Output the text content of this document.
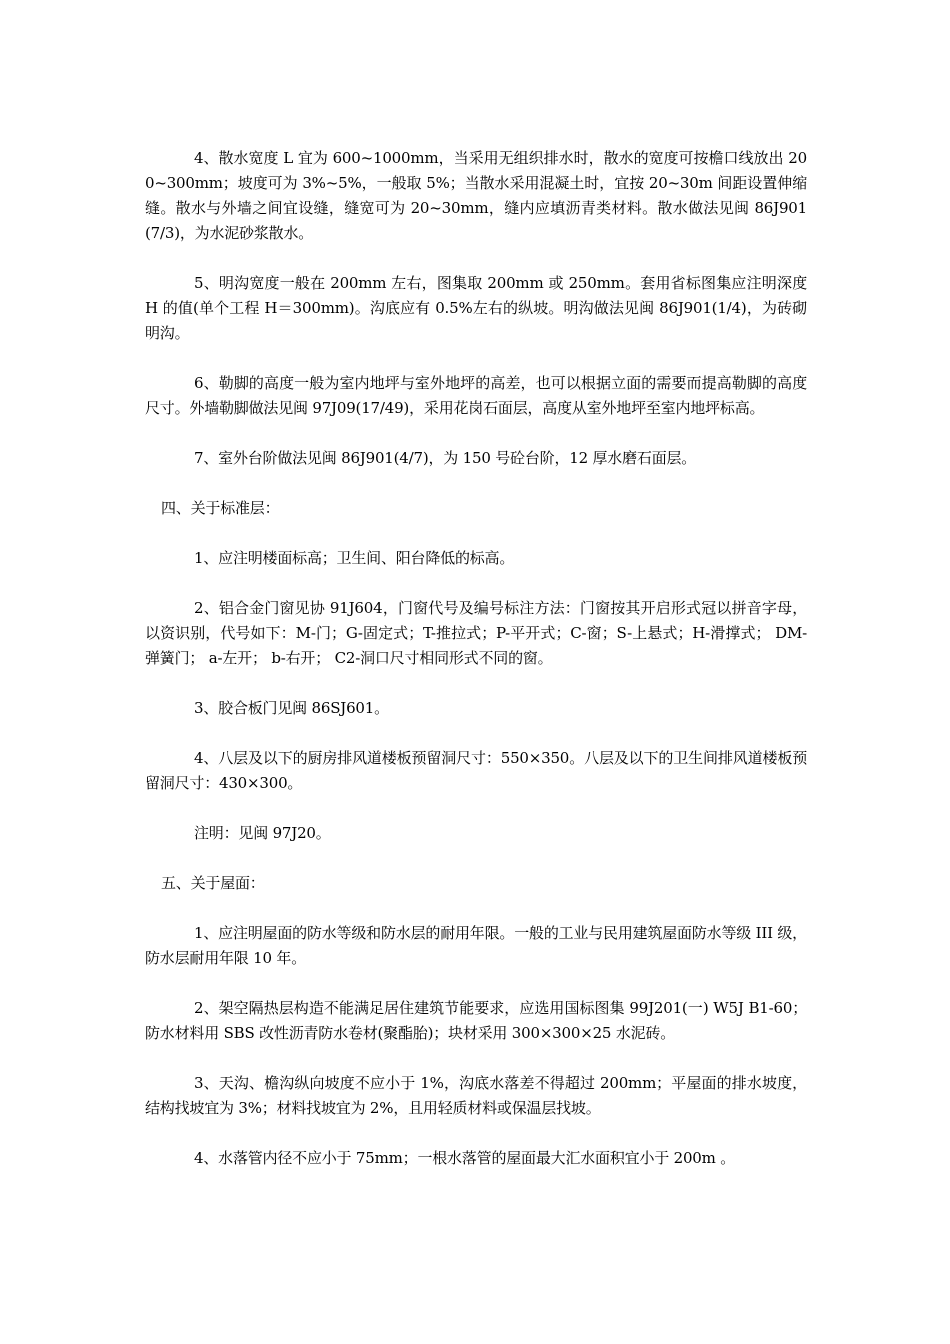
4、散水宽度 L 宜为 600~1000mm，当采用无组织排水时，散水的宽度可按檐口线放出 200~300mm；坡度可为 3%~5%，一般取 5%；当散水采用混凝土时，宜按 20~30m 间距设置伸缩缝。散水与外墙之间宜设缝，缝宽可为 20~30mm，缝内应填沥青类材料。散水做法见闽 86J901(7/3)，为水泥砂浆散水。

5、明沟宽度一般在 200mm 左右，图集取 200mm 或 250mm。套用省标图集应注明深度 H 的值(单个工程 H＝300mm)。沟底应有 0.5%左右的纵坡。明沟做法见闽 86J901(1/4)，为砖砌明沟。

6、勒脚的高度一般为室内地坪与室外地坪的高差，也可以根据立面的需要而提高勒脚的高度尺寸。外墙勒脚做法见闽 97J09(17/49)，采用花岗石面层，高度从室外地坪至室内地坪标高。

7、室外台阶做法见闽 86J901(4/7)，为 150 号砼台阶，12 厚水磨石面层。

四、关于标准层：

1、应注明楼面标高；卫生间、阳台降低的标高。

2、铝合金门窗见协 91J604，门窗代号及编号标注方法：门窗按其开启形式冠以拼音字母，以资识别，代号如下：M-门；G-固定式；T-推拉式；P-平开式；C-窗；S-上悬式；H-滑撑式； DM-弹簧门； a-左开； b-右开； C2-洞口尺寸相同形式不同的窗。

3、胶合板门见闽 86SJ601。

4、八层及以下的厨房排风道楼板预留洞尺寸：550×350。八层及以下的卫生间排风道楼板预留洞尺寸：430×300。

注明：见闽 97J20。

五、关于屋面：

1、应注明屋面的防水等级和防水层的耐用年限。一般的工业与民用建筑屋面防水等级 III 级，防水层耐用年限 10 年。

2、架空隔热层构造不能满足居住建筑节能要求，应选用国标图集 99J201(一) W5J B1-60；防水材料用 SBS 改性沥青防水卷材(聚酯胎)；块材采用 300×300×25 水泥砖。

3、天沟、檐沟纵向坡度不应小于 1%，沟底水落差不得超过 200mm；平屋面的排水坡度，结构找坡宜为 3%；材料找坡宜为 2%，且用轻质材料或保温层找坡。

4、水落管内径不应小于 75mm；一根水落管的屋面最大汇水面积宜小于 200m 。
